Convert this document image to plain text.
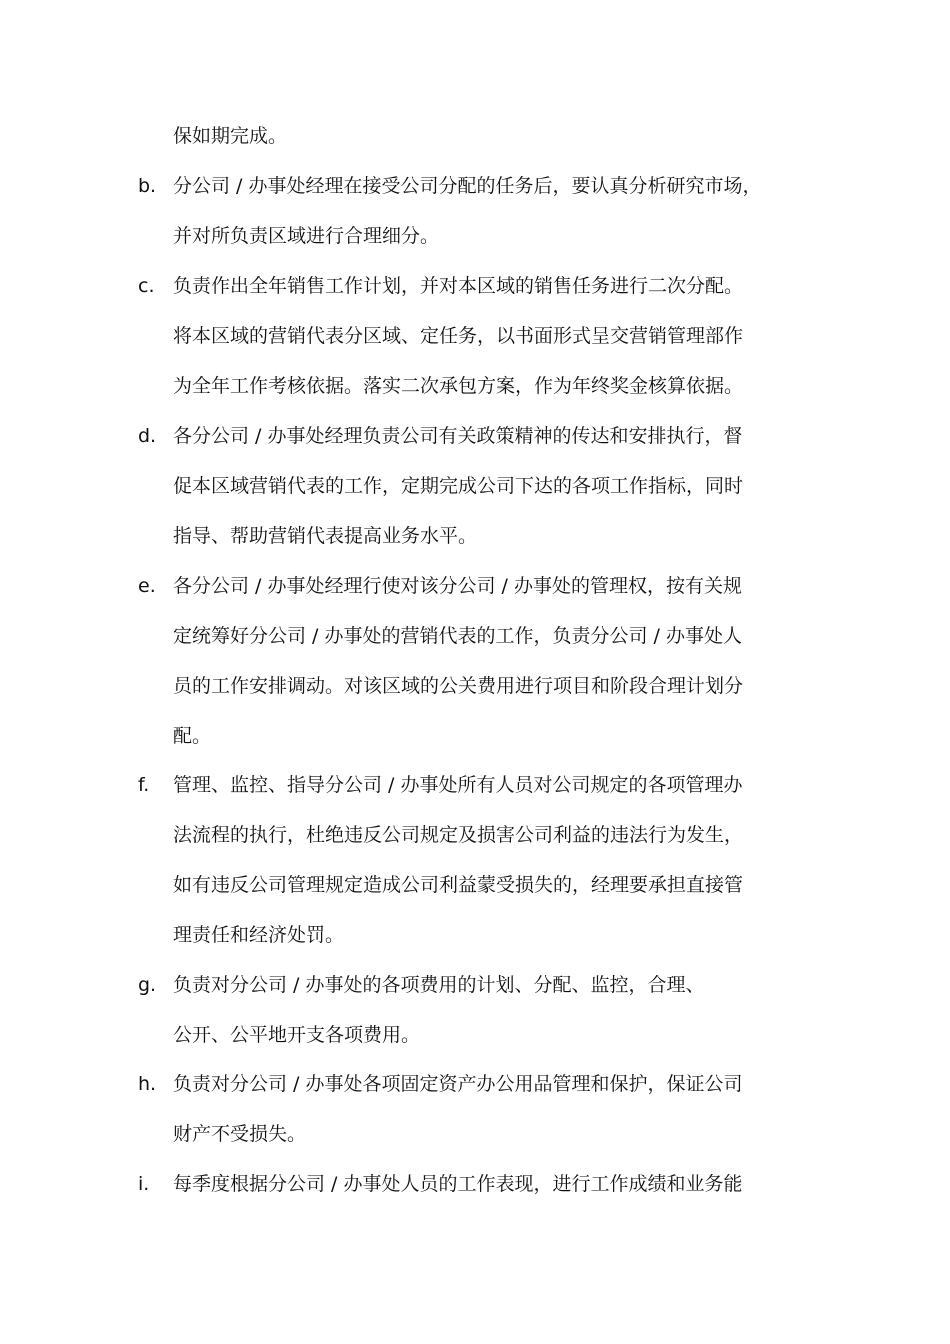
保如期完成。
b. 分公司 / 办事处经理在接受公司分配的任务后，要认真分析研究市场，
并对所负责区域进行合理细分。
c. 负责作出全年销售工作计划，并对本区域的销售任务进行二次分配。
将本区域的营销代表分区域、定任务，以书面形式呈交营销管理部作
为全年工作考核依据。落实二次承包方案，作为年终奖金核算依据。
d. 各分公司 / 办事处经理负责公司有关政策精神的传达和安排执行，督
促本区域营销代表的工作，定期完成公司下达的各项工作指标，同时
指导、帮助营销代表提高业务水平。
e. 各分公司 / 办事处经理行使对该分公司 / 办事处的管理权，按有关规
定统筹好分公司 / 办事处的营销代表的工作，负责分公司 / 办事处人
员的工作安排调动。对该区域的公关费用进行项目和阶段合理计划分
配。
f. 管理、监控、指导分公司 / 办事处所有人员对公司规定的各项管理办
法流程的执行，杜绝违反公司规定及损害公司利益的违法行为发生，
如有违反公司管理规定造成公司利益蒙受损失的，经理要承担直接管
理责任和经济处罚。
g. 负责对分公司 / 办事处的各项费用的计划、分配、监控，合理、
公开、公平地开支各项费用。
h. 负责对分公司 / 办事处各项固定资产办公用品管理和保护，保证公司
财产不受损失。
i. 每季度根据分公司 / 办事处人员的工作表现，进行工作成绩和业务能
